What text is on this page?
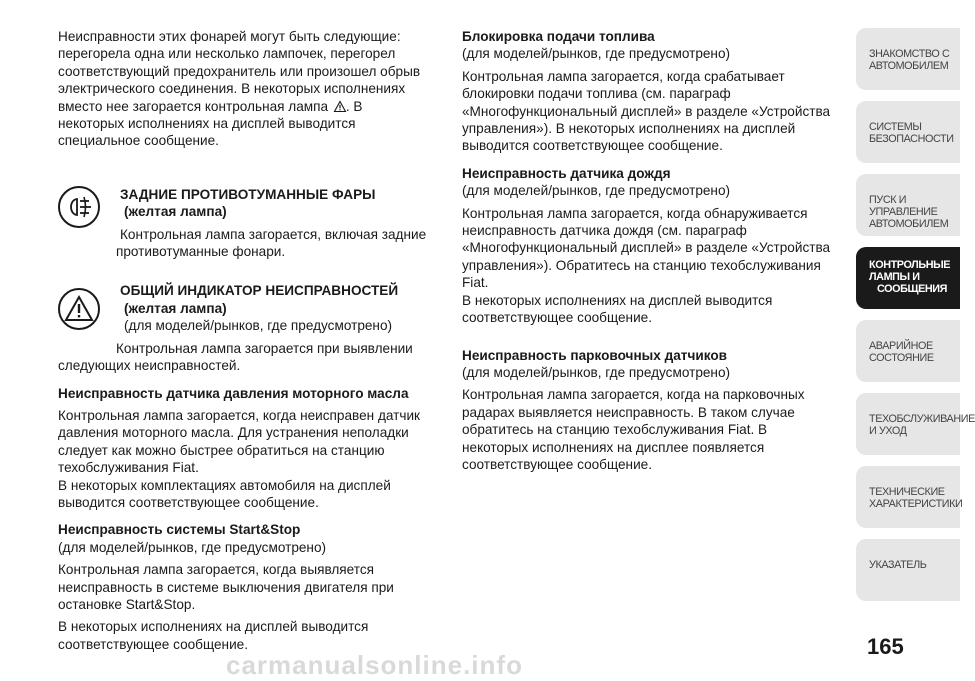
Неисправности этих фонарей могут быть следующие:
перегорела одна или несколько лампочек, перегорел
соответствующий предохранитель или произошел обрыв
электрического соединения. В некоторых исполнениях
вместо нее загорается контрольная лампа . В
некоторых исполнениях на дисплей выводится
специальное сообщение.
ЗАДНИЕ ПРОТИВОТУМАННЫЕ ФАРЫ
(желтая лампа)
Контрольная лампа загорается, включая задние
противотуманные фонари.
ОБЩИЙ ИНДИКАТОР НЕИСПРАВНОСТЕЙ
(желтая лампа)
(для моделей/рынков, где предусмотрено)
Контрольная лампа загорается при выявлении
следующих неисправностей.
Неисправность датчика давления моторного масла
Контрольная лампа загорается, когда неисправен датчик
давления моторного масла. Для устранения неполадки
следует как можно быстрее обратиться на станцию
техобслуживания Fiat.
В некоторых комплектациях автомобиля на дисплей
выводится соответствующее сообщение.
Неисправность системы Start&Stop
(для моделей/рынков, где предусмотрено)
Контрольная лампа загорается, когда выявляется
неисправность в системе выключения двигателя при
остановке Start&Stop.
В некоторых исполнениях на дисплей выводится
соответствующее сообщение.
Блокировка подачи топлива
(для моделей/рынков, где предусмотрено)
Контрольная лампа загорается, когда срабатывает
блокировки подачи топлива (см. параграф
«Многофункциональный дисплей» в разделе «Устройства
управления»). В некоторых исполнениях на дисплей
выводится соответствующее сообщение.
Неисправность датчика дождя
(для моделей/рынков, где предусмотрено)
Контрольная лампа загорается, когда обнаруживается
неисправность датчика дождя (см. параграф
«Многофункциональный дисплей» в разделе «Устройства
управления»). Обратитесь на станцию техобслуживания
Fiat.
В некоторых исполнениях на дисплей выводится
соответствующее сообщение.
Неисправность парковочных датчиков
(для моделей/рынков, где предусмотрено)
Контрольная лампа загорается, когда на парковочных
радарах выявляется неисправность. В таком случае
обратитесь на станцию техобслуживания Fiat. В
некоторых исполнениях на дисплее появляется
соответствующее сообщение.
ЗНАКОМСТВО С
АВТОМОБИЛЕМ
СИСТЕМЫ
БЕЗОПАСНОСТИ
ПУСК И УПРАВЛЕНИЕ
АВТОМОБИЛЕМ
КОНТРОЛЬНЫЕ
ЛАМПЫ И
СООБЩЕНИЯ
АВАРИЙНОЕ
СОСТОЯНИЕ
ТЕХОБСЛУЖИВАНИЕ
И УХОД
ТЕХНИЧЕСКИЕ
ХАРАКТЕРИСТИКИ
УКАЗАТЕЛЬ
165
carmanualsonline.info
